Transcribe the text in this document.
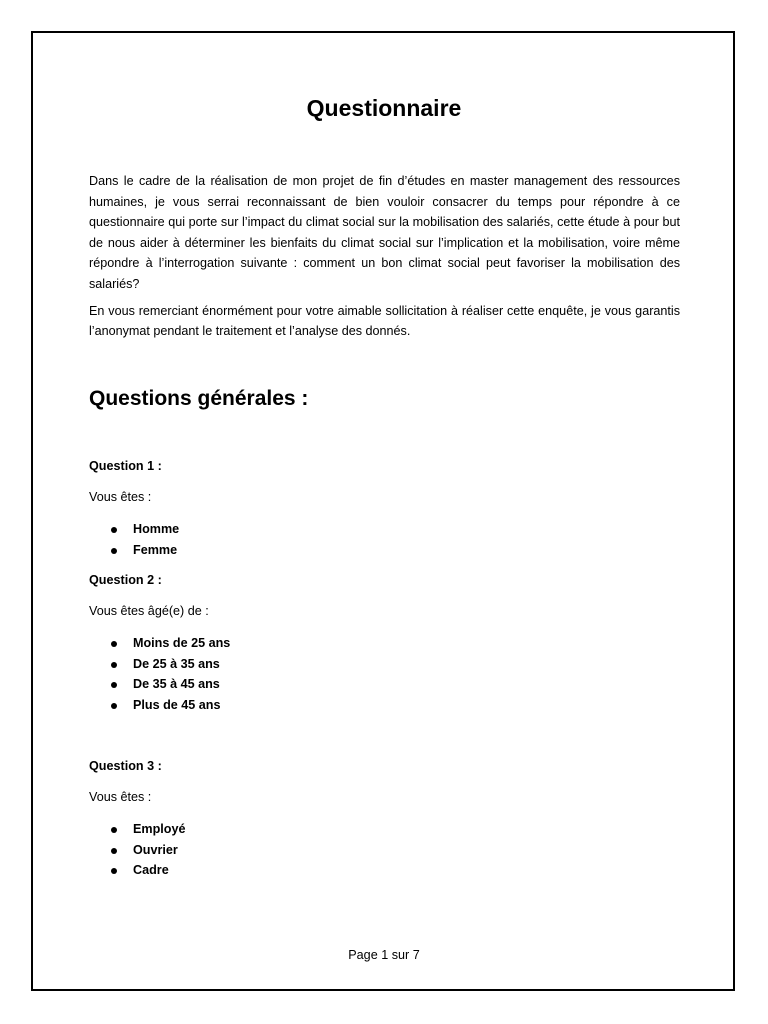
Questionnaire

Dans le cadre de la réalisation de mon projet de fin d’études en master management des ressources humaines, je vous serrai reconnaissant de bien vouloir consacrer du temps pour répondre à ce questionnaire qui porte sur l’impact du climat social sur la mobilisation des salariés, cette étude à pour but de nous aider à déterminer les bienfaits du climat social sur l’implication et la mobilisation, voire même répondre à l’interrogation suivante : comment un bon climat social peut favoriser la mobilisation des salariés?

En vous remerciant énormément pour votre aimable sollicitation à réaliser cette enquête, je vous garantis l’anonymat pendant le traitement et l’analyse des donnés.

Questions générales :

Question 1 :

Vous êtes :

Homme
Femme

Question 2 :

Vous êtes âgé(e) de :

Moins de 25 ans
De 25 à 35 ans
De 35 à 45 ans
Plus de 45 ans

Question 3 :

Vous êtes :

Employé
Ouvrier
Cadre

Page 1 sur 7
